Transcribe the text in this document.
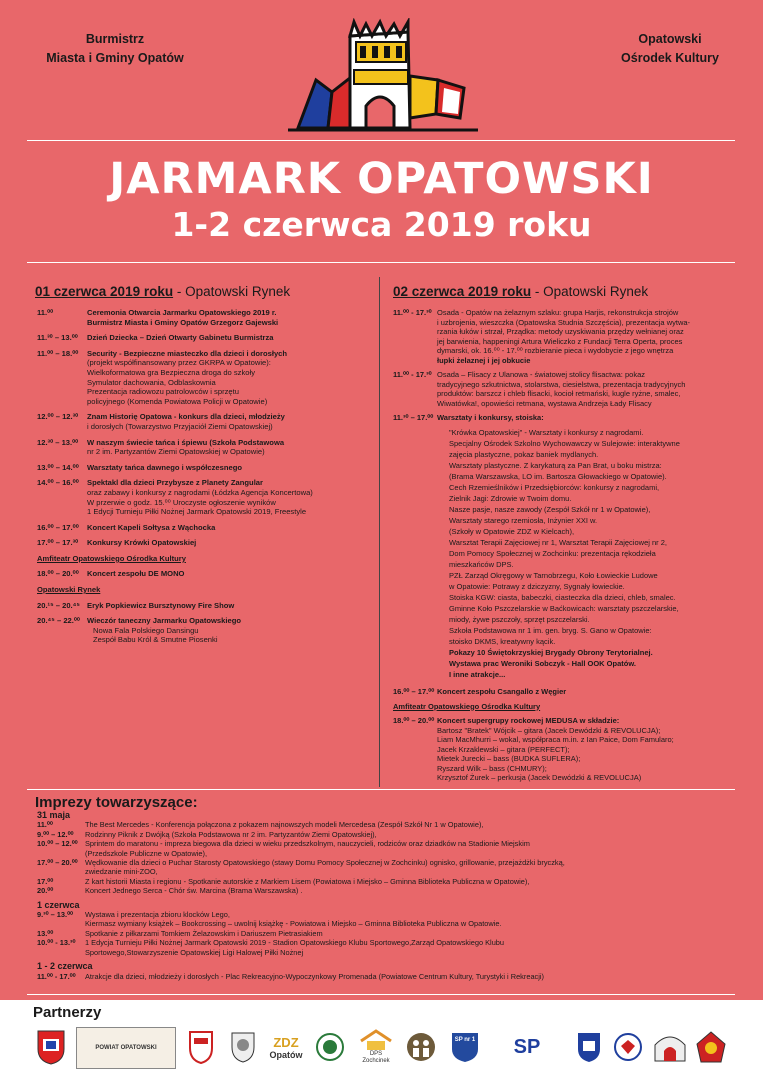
Burmistrz
Miasta i Gminy Opatów
Opatowski
Ośrodek Kultury
JARMARK OPATOWSKI
1-2 czerwca 2019 roku
01 czerwca 2019 roku - Opatowski Rynek
11.⁰⁰	Ceremonia Otwarcia Jarmarku Opatowskiego 2019 r.
Burmistrz Miasta i Gminy Opatów Grzegorz Gajewski
11.³⁰ – 13.⁰⁰	Dzień Dziecka – Dzień Otwarty Gabinetu Burmistrza
11.⁰⁰ – 18.⁰⁰	Security - Bezpieczne miasteczko dla dzieci i dorosłych
(projekt współfinansowany przez GKRPA w Opatowie):
Wielkoformatowa gra Bezpieczna droga do szkoły
Symulator dachowania, Odblaskownia
Prezentacja radiowozu patrolowców i sprzętu
policyjnego (Komenda Powiatowa Policji w Opatowie)
12.⁰⁰ – 12.³⁰	Znam Historię Opatowa - konkurs dla dzieci, młodzieży
i dorosłych (Towarzystwo Przyjaciół Ziemi Opatowskiej)
12.³⁰ – 13.⁰⁰	W naszym świecie tańca i śpiewu (Szkoła Podstawowa
nr 2 im. Partyzantów Ziemi Opatowskiej w Opatowie)
13.⁰⁰ – 14.⁰⁰	Warsztaty tańca dawnego i współczesnego
14.⁰⁰ – 16.⁰⁰	Spektakl dla dzieci Przybysze z Planety Zangular
oraz zabawy i konkursy z nagrodami (Łódzka Agencja Koncertowa)
W przerwie o godz. 15.⁰⁰ Uroczyste ogłoszenie wyników
1 Edycji Turnieju Piłki Nożnej Jarmark Opatowski 2019, Freestyle
16.⁰⁰ – 17.⁰⁰	Koncert Kapeli Sołtysa z Wąchocka
17.⁰⁰ – 17.³⁰	Konkursy Krówki Opatowskiej
Amfiteatr Opatowskiego Ośrodka Kultury
18.⁰⁰ – 20.⁰⁰	Koncert zespołu DE MONO
Opatowski Rynek
20.¹⁵ – 20.⁴⁵ Eryk Popkiewicz Bursztynowy Fire Show
20.⁴⁵ – 22.⁰⁰ Wieczór taneczny Jarmarku Opatowskiego
Nowa Fala Polskiego Dansingu
Zespół Babu Król & Smutne Piosenki
02 czerwca 2019 roku - Opatowski Rynek
11.⁰⁰ - 17.³⁰ Osada - Opatów na żelaznym szlaku: grupa Harjis, rekonstrukcja strojów
i uzbrojenia, wieszczka (Opatowska Studnia Szczęścia), prezentacja wytwa-
rzania łuków i strzał, Prządka: metody uzyskiwania przędzy wełnianej oraz
jej barwienia, happeningi Artura Wieliczko z Fundacji Terra Operta, proces
dymarski, ok. 16.⁰⁰ - 17.⁰⁰ rozbieranie pieca i wydobycie z jego wnętrza
łupki żelaznej i jej obkucie
11.⁰⁰ - 17.³⁰ Osada – Flisacy z Ulanowa - światowej stolicy flisactwa: pokaz
tradycyjnego szkutnictwa, stolarstwa, ciesielstwa, prezentacja tradycyjnych
produktów: barszcz i chleb flisacki, kocioł retmański, kugle ryżne, smalec,
Wiwatówka!, opowieści retmana, wystawa Andrzeja Łady Flisacy
11.³⁰ – 17.⁰⁰ Warsztaty i konkursy, stoiska:
"Krówka Opatowskiej" - Warsztaty i konkursy z nagrodami.
Specjalny Ośrodek Szkolno Wychowawczy w Sulejowie: interaktywne
zajęcia plastyczne, pokaz baniek mydlanych.
Warsztaty plastyczne. Z karykaturą za Pan Brat, u boku mistrza:
(Brama Warszawska, LO im. Bartosza Głowackiego w Opatowie).
Cech Rzemieślników i Przedsiębiorców: konkursy z nagrodami,
Zielnik Jagi: Zdrowie w Twoim domu.
Nasze pasje, nasze zawody (Zespół Szkół nr 1 w Opatowie),
Warsztaty starego rzemiosła, Inżynier XXI w.
(Szkoły w Opatowie ZDZ w Kielcach),
Warsztat Terapii Zajęciowej nr 1, Warsztat Terapii Zajęciowej nr 2,
Dom Pomocy Społecznej w Zochcinku: prezentacja rękodzieła
mieszkańców DPS.
PZŁ Zarząd Okręgowy w Tarnobrzegu, Koło Łowieckie Ludowe
w Opatowie: Potrawy z dziczyzny, Sygnały łowieckie.
Stoiska KGW: ciasta, babeczki, ciasteczka dla dzieci, chleb, smalec.
Gminne Koło Pszczelarskie w Baćkowicach: warsztaty pszczelarskie,
miody, żywe pszczoły, sprzęt pszczelarski.
Szkoła Podstawowa nr 1 im. gen. bryg. S. Gano w Opatowie:
stoisko DKMS, kreatywny kącik.
Pokazy 10 Świętokrzyskiej Brygady Obrony Terytorialnej.
Wystawa prac Weroniki Sobczyk - Hall OOK Opatów.
I inne atrakcje...
16.⁰⁰ – 17.⁰⁰ Koncert zespołu Csangallo z Węgier
Amfiteatr Opatowskiego Ośrodka Kultury
18.⁰⁰ – 20.⁰⁰ Koncert supergrupy rockowej MEDUSA w składzie:
Bartosz "Bratek" Wójcik – gitara (Jacek Dewódzki & REVOLUCJA);
Liam MacMhurri – wokal, współpraca m.in. z Ian Paice, Dom Famularo;
Jacek Krzaklewski – gitara (PERFECT);
Mietek Jurecki – bass (BUDKA SUFLERA);
Ryszard Wilk – bass (CHMURY);
Krzysztof Żurek – perkusja (Jacek Dewódzki & REVOLUCJA)
Imprezy towarzyszące:
31 maja
11.⁰⁰	The Best Mercedes - Konferencja połączona z pokazem najnowszych modeli Mercedesa (Zespół Szkół Nr 1 w Opatowie),
9.⁰⁰ – 12.⁰⁰	Rodzinny Piknik z Dwójką (Szkoła Podstawowa nr 2 im. Partyzantów Ziemi Opatowskiej),
10.⁰⁰ – 12.⁰⁰ Sprintem do maratonu - impreza biegowa dla dzieci w wieku przedszkolnym, nauczycieli, rodziców oraz dziadków na Stadionie Miejskim
(Przedszkole Publiczne w Opatowie),
17.⁰⁰ – 20.⁰⁰ Wędkowanie dla dzieci o Puchar Starosty Opatowskiego (stawy Domu Pomocy Społecznej w Zochcinku) ognisko, grillowanie, przejażdżki bryczką,
zwiedzanie mini-ZOO,
17.⁰⁰	Z kart historii Miasta i regionu - Spotkanie autorskie z Markiem Lisem (Powiatowa i Miejsko – Gminna Biblioteka Publiczna w Opatowie),
20.⁰⁰	Koncert Jednego Serca - Chór św. Marcina (Brama Warszawska) .
1 czerwca
9.³⁰ – 13.⁰⁰	Wystawa i prezentacja zbioru klocków Lego,
Kiermasz wymiany książek – Bookcrossing – uwolnij książkę - Powiatowa i Miejsko – Gminna Biblioteka Publiczna w Opatowie.
13.⁰⁰	Spotkanie z piłkarzami Tomkiem Żelazowskim i Dariuszem Pietrasiakiem
10.⁰⁰ - 13.³⁰	1 Edycja Turnieju Piłki Nożnej Jarmark Opatowski 2019 - Stadion Opatowskiego Klubu Sportowego,Zarząd Opatowskiego Klubu
Sportowego,Stowarzyszenie Opatowskiej Ligi Halowej Piłki Nożnej
1 - 2 czerwca
11.⁰⁰ - 17.⁰⁰	Atrakcje dla dzieci, młodzieży i dorosłych - Plac Rekreacyjno-Wypoczynkowy Promenada (Powiatowe Centrum Kultury, Turystyki i Rekreacji)
Partnerzy
POWIAT OPATOWSKI	ZDZ
Opatów	DPS Zochcinek
SP nr 1 SP
